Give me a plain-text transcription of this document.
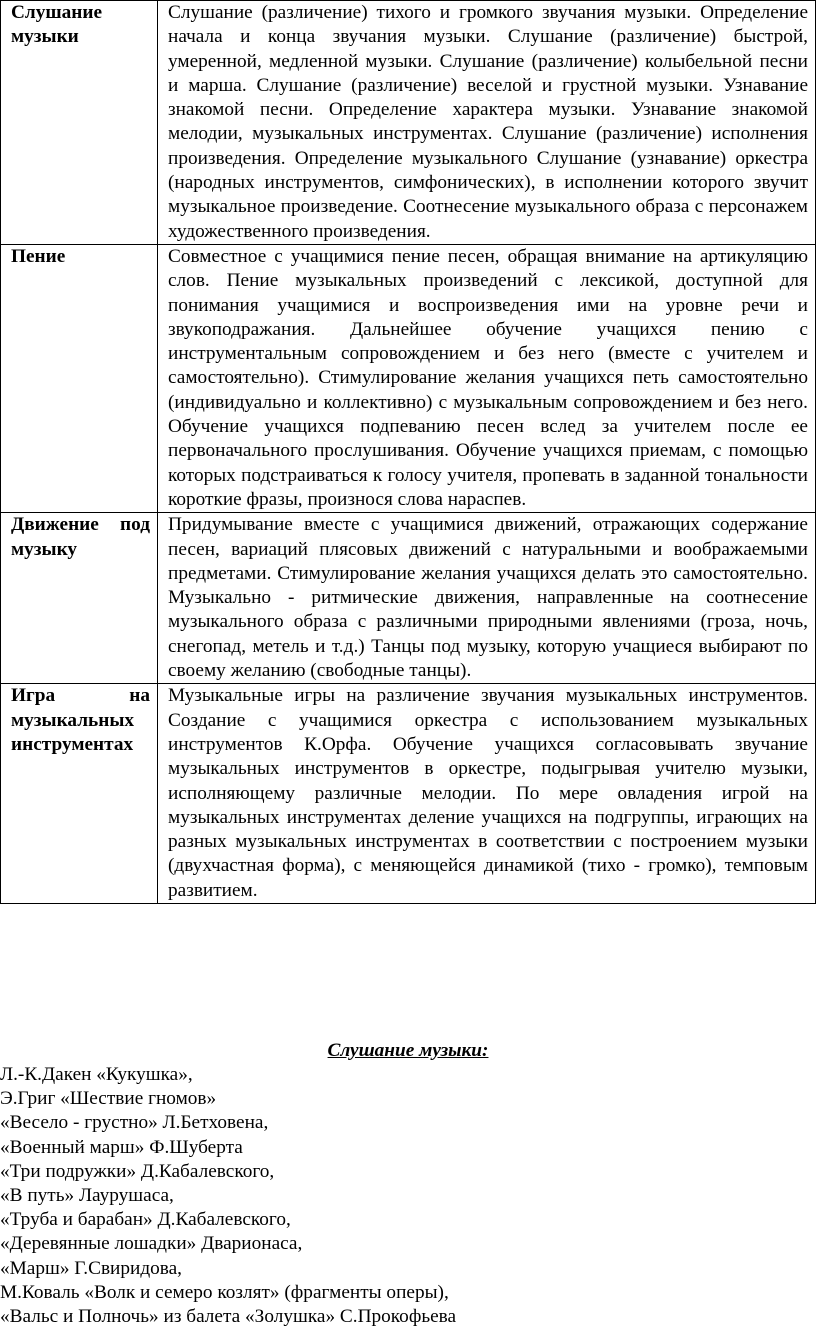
Слушание музыки	Слушание (различение) тихого и громкого звучания музыки. Определение начала и конца звучания музыки. Слушание (различение) быстрой, умеренной, медленной музыки. Слушание (различение) колыбельной песни и марша. Слушание (различение) веселой и грустной музыки. Узнавание знакомой песни. Определение характера музыки. Узнавание знакомой мелодии, музыкальных инструментах. Слушание (различение) исполнения произведения. Определение музыкального Слушание (узнавание) оркестра (народных инструментов, симфонических), в исполнении которого звучит музыкальное произведение. Соотнесение музыкального образа с персонажем художественного произведения.
Пение	Совместное с учащимися пение песен, обращая внимание на артикуляцию слов. Пение музыкальных произведений с лексикой, доступной для понимания учащимися и воспроизведения ими на уровне речи и звукоподражания. Дальнейшее обучение учащихся пению с инструментальным сопровождением и без него (вместе с учителем и самостоятельно). Стимулирование желания учащихся петь самостоятельно (индивидуально и коллективно) с музыкальным сопровождением и без него. Обучение учащихся подпеванию песен вслед за учителем после ее первоначального прослушивания. Обучение учащихся приемам, с помощью которых подстраиваться к голосу учителя, пропевать в заданной тональности короткие фразы, произнося слова нараспев.
Движение под музыку	Придумывание вместе с учащимися движений, отражающих содержание песен, вариаций плясовых движений с натуральными и воображаемыми предметами. Стимулирование желания учащихся делать это самостоятельно. Музыкально - ритмические движения, направленные на соотнесение музыкального образа с различными природными явлениями (гроза, ночь, снегопад, метель и т.д.) Танцы под музыку, которую учащиеся выбирают по своему желанию (свободные танцы).
Игра на музыкальных инструментах	Музыкальные игры на различение звучания музыкальных инструментов. Создание с учащимися оркестра с использованием музыкальных инструментов К.Орфа. Обучение учащихся согласовывать звучание музыкальных инструментов в оркестре, подыгрывая учителю музыки, исполняющему различные мелодии. По мере овладения игрой на музыкальных инструментах деление учащихся на подгруппы, играющих на разных музыкальных инструментах в соответствии с построением музыки (двухчастная форма), с меняющейся динамикой (тихо - громко), темповым развитием.
Слушание музыки:
Л.-К.Дакен «Кукушка»,
Э.Григ «Шествие гномов»
«Весело - грустно» Л.Бетховена,
«Военный марш» Ф.Шуберта
«Три подружки» Д.Кабалевского,
«В путь» Лаурушаса,
«Труба и барабан» Д.Кабалевского,
«Деревянные лошадки» Дварионаса,
«Марш» Г.Свиридова,
М.Коваль «Волк и семеро козлят» (фрагменты оперы),
«Вальс и Полночь» из балета «Золушка» С.Прокофьева
